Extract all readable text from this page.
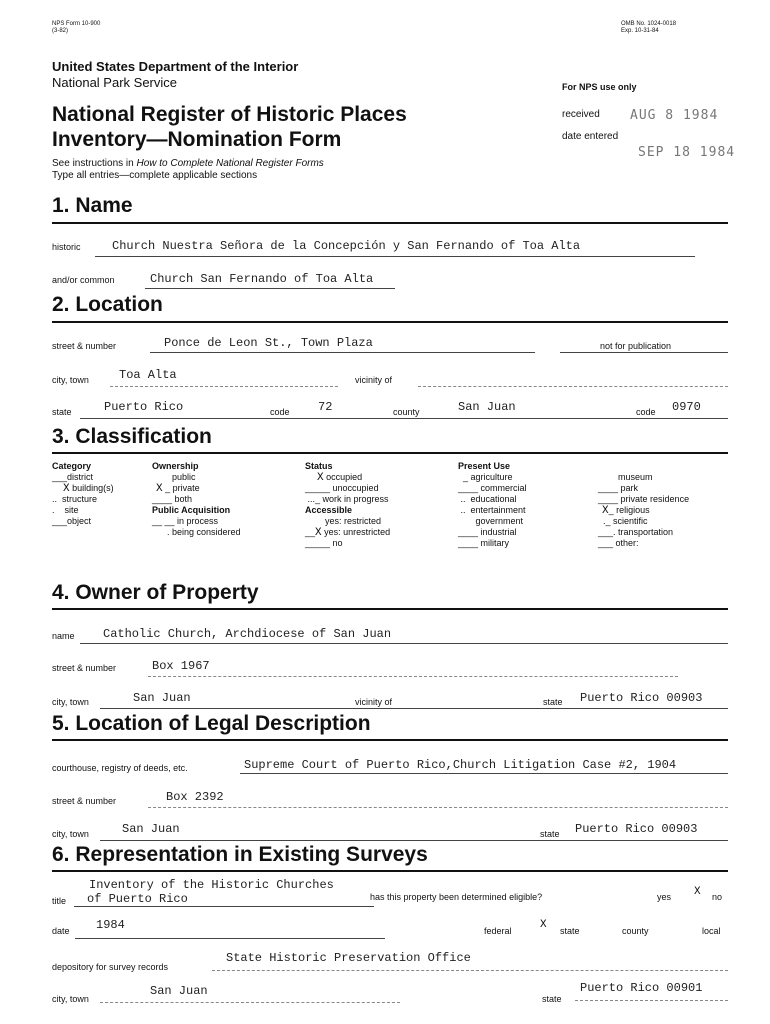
NPS Form 10-900
(3-82)
OMB No. 1024-0018
Exp. 10-31-84
United States Department of the Interior
National Park Service
National Register of Historic Places
Inventory—Nomination Form
See instructions in How to Complete National Register Forms
Type all entries—complete applicable sections
For NPS use only
received AUG 8 1984
date entered
SEP 18 1984
1. Name
historic	Church Nuestra Señora de la Concepción y San Fernando of Toa Alta
and/or common	Church San Fernando of Toa Alta
2. Location
street & number	Ponce de Leon St., Town Plaza	not for publication
city, town	Toa Alta	vicinity of
state	Puerto Rico	code 72	county	San Juan	code 0970
3. Classification
Category
___district
X building(s)
..  structure
.    site
___object
Ownership
public
X _ private
____ both
Public Acquisition
__ __ in process
. being considered
Status
X occupied
_____ unoccupied
..._ work in progress
Accessible
yes: restricted
__X yes: unrestricted
_____ no
Present Use
_ agriculture
____ commercial
..  educational
..  entertainment
government
____ industrial
____ military
museum
____ park
____ private residence
X_ religious
._ scientific
___. transportation
___ other:
4. Owner of Property
name Catholic Church, Archdiocese of San Juan
street & number	Box 1967
city, town	San Juan	vicinity of	state Puerto Rico 00903
5. Location of Legal Description
courthouse, registry of deeds, etc.	Supreme Court of Puerto Rico,Church Litigation Case #2, 1904
street & number	Box 2392
city, town	San Juan	state Puerto Rico 00903
6. Representation in Existing Surveys
Inventory of the Historic Churches
title of Puerto Rico	has this property been determined eligible?	yes X no
date 1984	federal	X state	county	local
depository for survey records
State Historic Preservation Office
city, town
San Juan
state
Puerto Rico 00901
